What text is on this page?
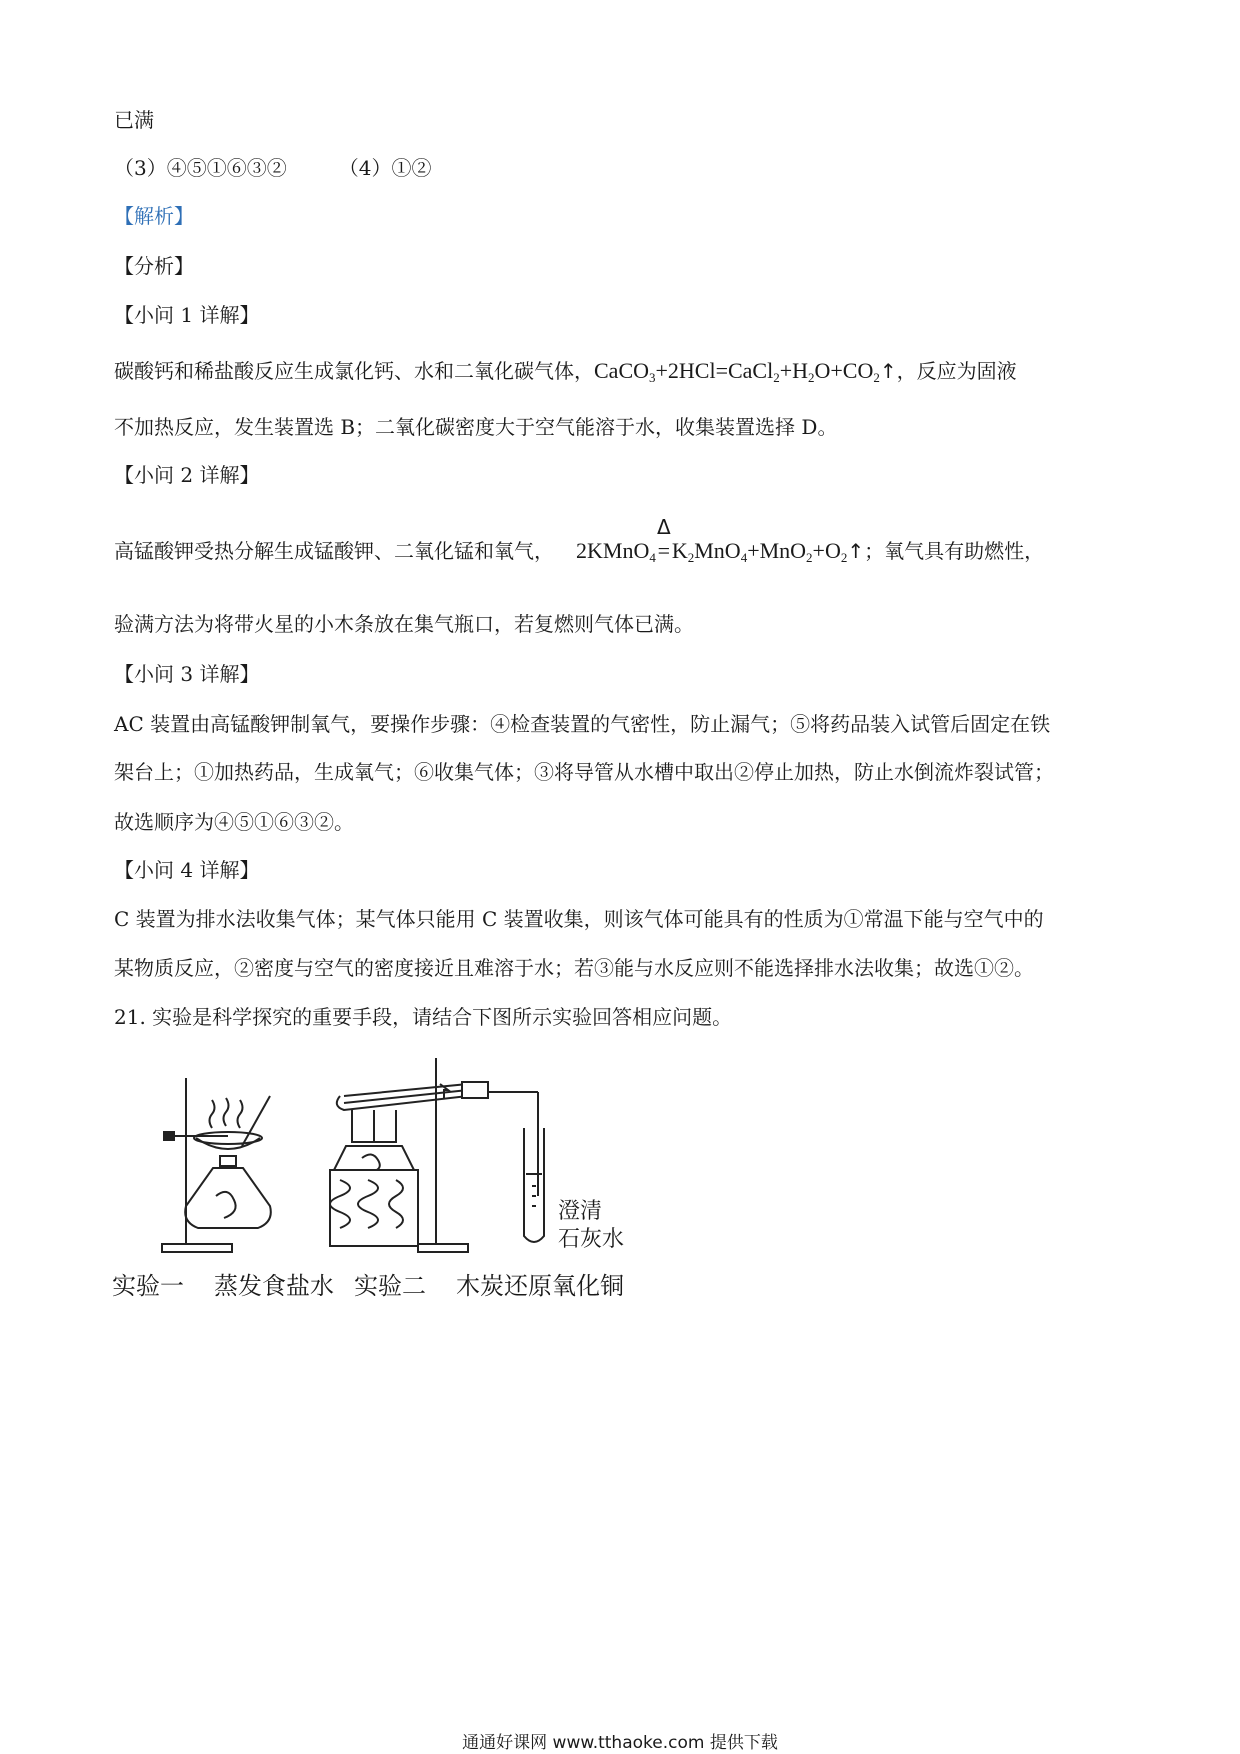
已满
（3）④⑤①⑥③②	（4）①②
【解析】
【分析】
【小问 1 详解】
碳酸钙和稀盐酸反应生成氯化钙、水和二氧化碳气体，$CaCO_3+2HCl=CaCl_2+H_2O+CO_2↑$，反应为固液
不加热反应，发生装置选 B；二氧化碳密度大于空气能溶于水，收集装置选择 D。
【小问 2 详解】
高锰酸钾受热分解生成锰酸钾、二氧化锰和氧气， 2KMnO$_4$
Δ
$=K_2MnO_4+MnO_2+O_2↑$；氧气具有助燃性，
验满方法为将带火星的小木条放在集气瓶口，若复燃则气体已满。
【小问 3 详解】
AC 装置由高锰酸钾制氧气，要操作步骤：④检查装置的气密性，防止漏气；⑤将药品装入试管后固定在铁
架台上；①加热药品，生成氧气；⑥收集气体；③将导管从水槽中取出②停止加热，防止水倒流炸裂试管；
故选顺序为④⑤①⑥③②。
【小问 4 详解】
C 装置为排水法收集气体；某气体只能用 C 装置收集，则该气体可能具有的性质为①常温下能与空气中的
某物质反应，②密度与空气的密度接近且难溶于水；若③能与水反应则不能选择排水法收集；故选①②。
21. 实验是科学探究的重要手段，请结合下图所示实验回答相应问题。
澄清
石灰水
实验一 蒸发食盐水 实验二 木炭还原氧化铜
通通好课网 www.tthaoke.com 提供下载
